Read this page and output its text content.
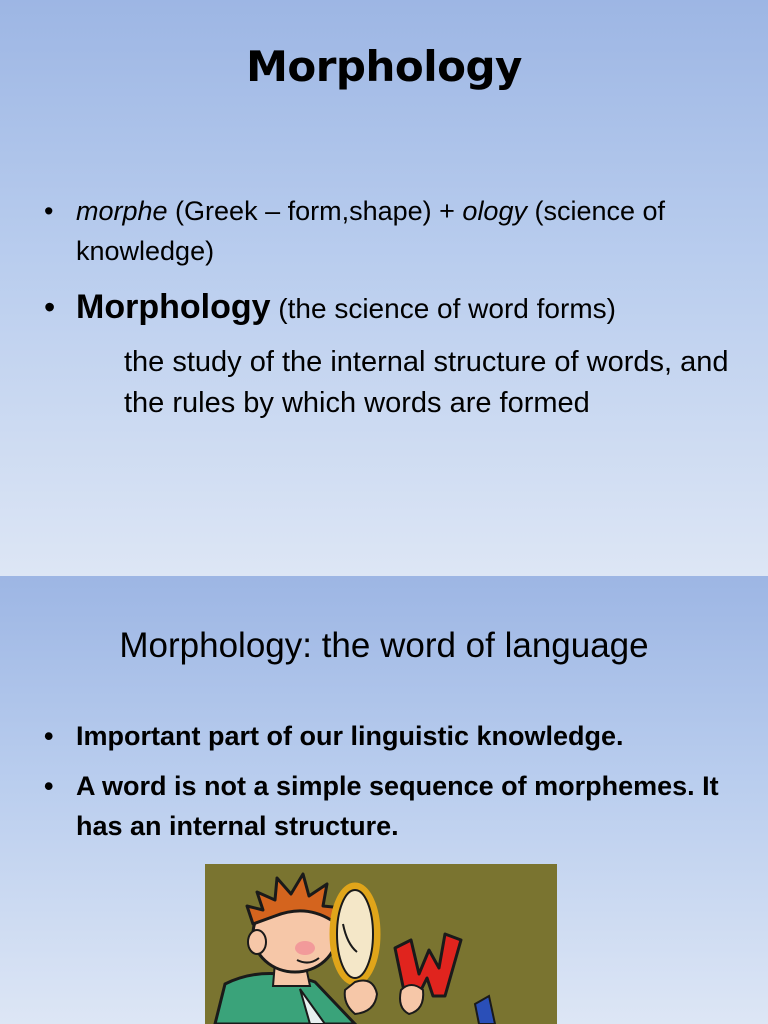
Morphology
• morphe (Greek – form,shape) + ology (science of knowledge)
• Morphology (the science of word forms)
the study of the internal structure of words, and the rules by which words are formed
Morphology: the word of language
• Important part of our linguistic knowledge.
• A word is not a simple sequence of morphemes. It has an internal structure.
